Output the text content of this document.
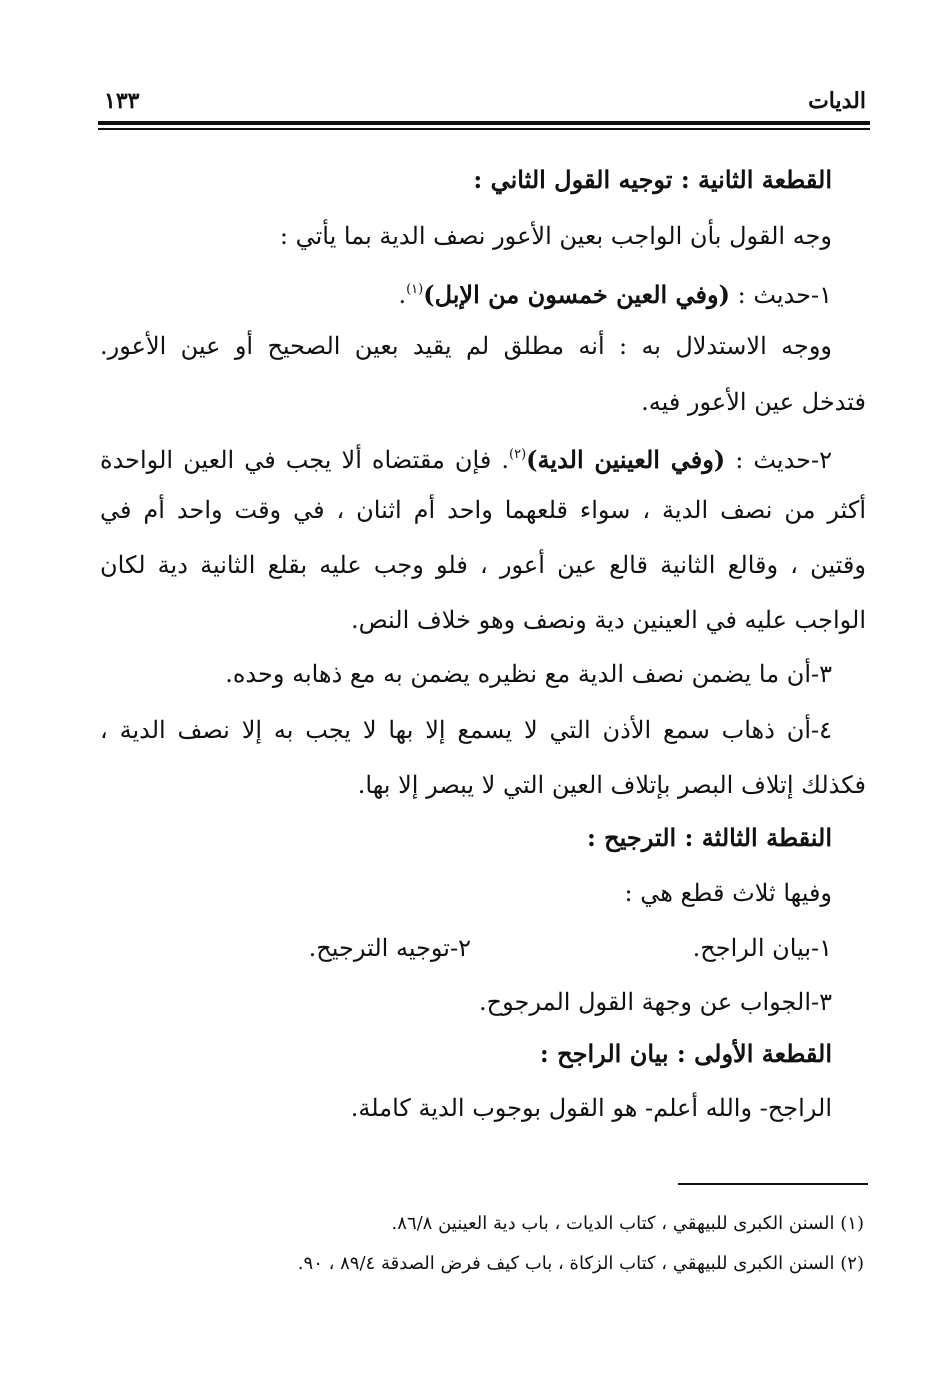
الديات
١٣٣
القطعة الثانية : توجيه القول الثاني :
وجه القول بأن الواجب بعين الأعور نصف الدية بما يأتي :
١-حديث : (وفي العين خمسون من الإبل)$^{(١)}$.
ووجه الاستدلال به : أنه مطلق لم يقيد بعين الصحيح أو عين الأعور.
فتدخل عين الأعور فيه.
٢-حديث : (وفي العينين الدية)$^{(٢)}$. فإن مقتضاه ألا يجب في العين الواحدة
أكثر من نصف الدية ، سواء قلعهما واحد أم اثنان ، في وقت واحد أم في
وقتين ، وقالع الثانية قالع عين أعور ، فلو وجب عليه بقلع الثانية دية لكان
الواجب عليه في العينين دية ونصف وهو خلاف النص.
٣-أن ما يضمن نصف الدية مع نظيره يضمن به مع ذهابه وحده.
٤-أن ذهاب سمع الأذن التي لا يسمع إلا بها لا يجب به إلا نصف الدية ،
فكذلك إتلاف البصر بإتلاف العين التي لا يبصر إلا بها.
النقطة الثالثة : الترجيح :
وفيها ثلاث قطع هي :
١-بيان الراجح.
٢-توجيه الترجيح.
٣-الجواب عن وجهة القول المرجوح.
القطعة الأولى : بيان الراجح :
الراجح- والله أعلم- هو القول بوجوب الدية كاملة.
(١) السنن الكبرى للبيهقي ، كتاب الديات ، باب دية العينين ٨٦/٨.
(٢) السنن الكبرى للبيهقي ، كتاب الزكاة ، باب كيف فرض الصدقة ٨٩/٤ ، ٩٠.
